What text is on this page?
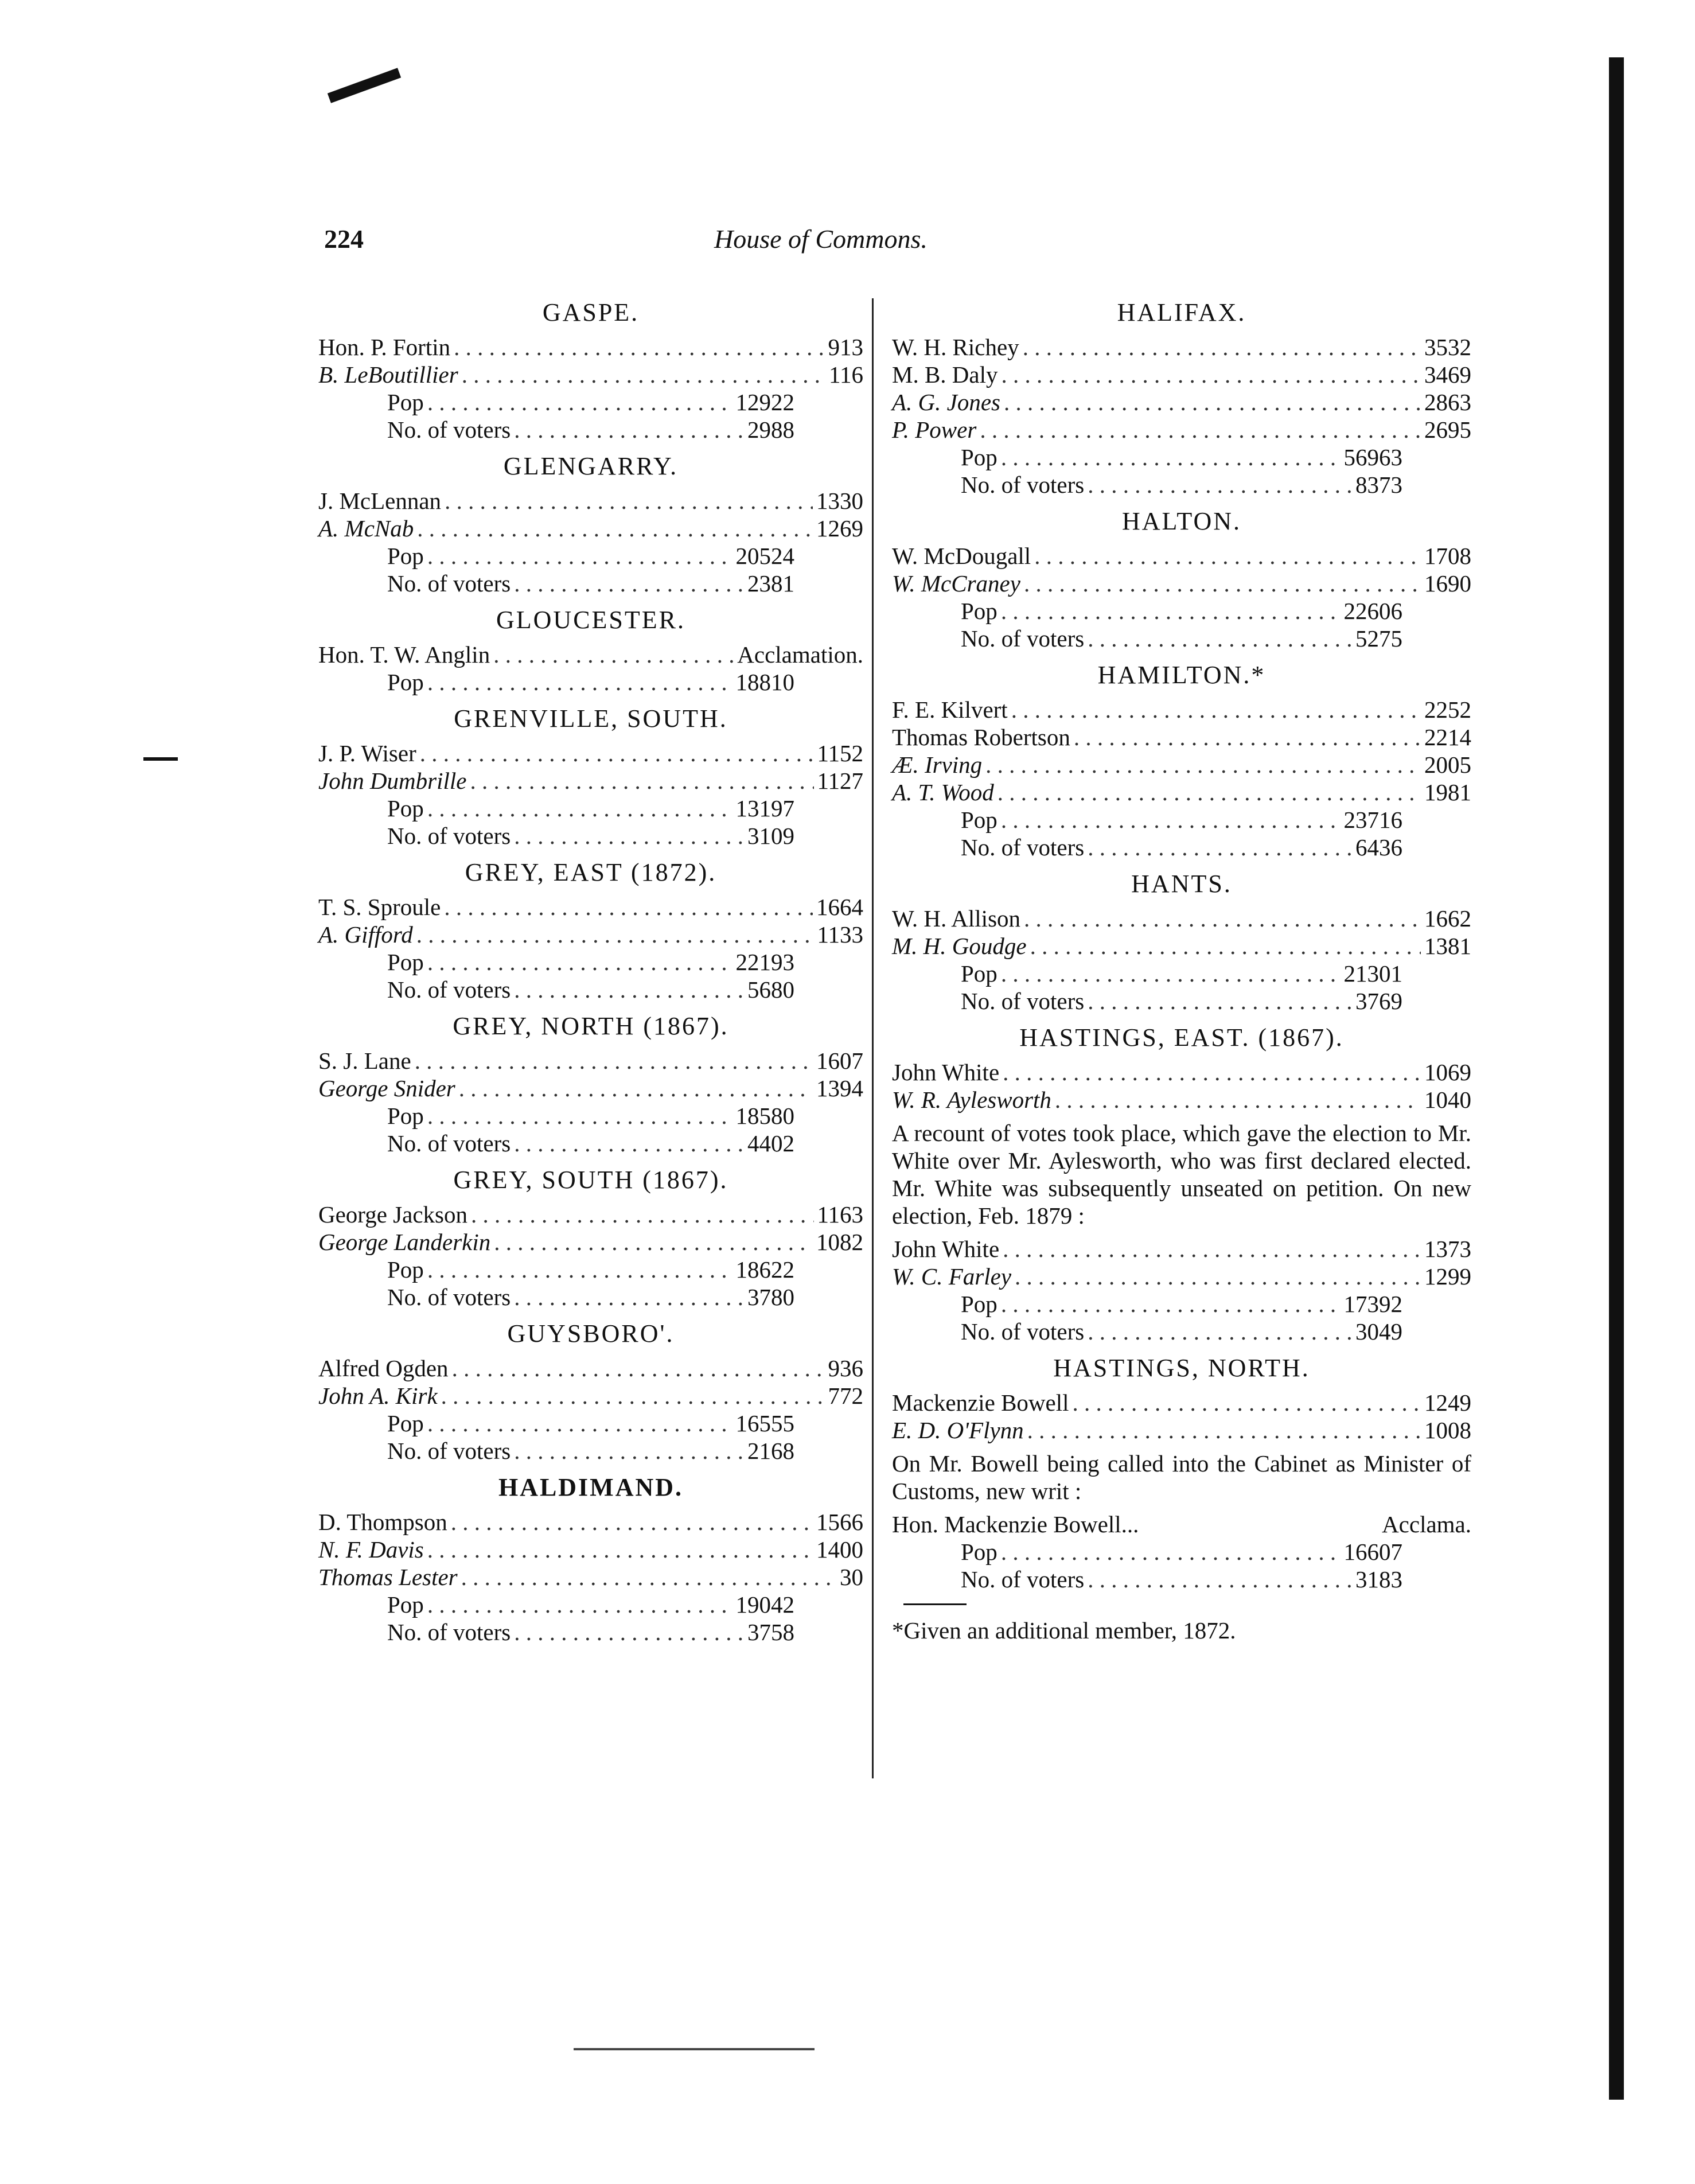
224	House of Commons.
GASPE.
Hon. P. Fortin . . .	913
B. LeBoutillier . . .	116
Pop . . .	12922
No. of voters . . .	2988
GLENGARRY.
J. McLennan . . .	1330
A. McNab . . .	1269
Pop . . .	20524
No. of voters . . .	2381
GLOUCESTER.
Hon. T. W. Anglin . . .	Acclamation.
Pop . . .	18810
GRENVILLE, SOUTH.
J. P. Wiser . . .	1152
John Dumbrille . . .	1127
Pop . . .	13197
No. of voters . . .	3109
GREY, EAST (1872).
T. S. Sproule . . .	1664
A. Gifford . . .	1133
Pop . . .	22193
No. of voters . . .	5680
GREY, NORTH (1867).
S. J. Lane . . .	1607
George Snider . . .	1394
Pop . . .	18580
No. of voters . . .	4402
GREY, SOUTH (1867).
George Jackson . . .	1163
George Landerkin . . .	1082
Pop . . .	18622
No. of voters . . .	3780
GUYSBORO'.
Alfred Ogden . . .	936
John A. Kirk . . .	772
Pop . . .	16555
No. of voters . . .	2168
HALDIMAND.
D. Thompson . . .	1566
N. F. Davis . . .	1400
Thomas Lester . . .	30
Pop . . .	19042
No. of voters . . .	3758
HALIFAX.
W. H. Richey . . .	3532
M. B. Daly . . .	3469
A. G. Jones . . .	2863
P. Power . . .	2695
Pop . . .	56963
No. of voters . . .	8373
HALTON.
W. McDougall . . .	1708
W. McCraney . . .	1690
Pop . . .	22606
No. of voters . . .	5275
HAMILTON.*
F. E. Kilvert . . .	2252
Thomas Robertson . . .	2214
Æ. Irving . . .	2005
A. T. Wood . . .	1981
Pop . . .	23716
No. of voters . . .	6436
HANTS.
W. H. Allison . . .	1662
M. H. Goudge . . .	1381
Pop . . .	21301
No. of voters . . .	3769
HASTINGS, EAST. (1867).
John White . . .	1069
W. R. Aylesworth . . .	1040
A recount of votes took place, which gave the election to Mr. White over Mr. Aylesworth, who was first declared elected. Mr. White was subsequently unseated on petition. On new election, Feb. 1879 :
John White . . .	1373
W. C. Farley . . .	1299
Pop . . .	17392
No. of voters . . .	3049
HASTINGS, NORTH.
Mackenzie Bowell . . .	1249
E. D. O'Flynn . . .	1008
On Mr. Bowell being called into the Cabinet as Minister of Customs, new writ :
Hon. Mackenzie Bowell...	Acclama.
Pop . . .	16607
No. of voters . . .	3183
*Given an additional member, 1872.
